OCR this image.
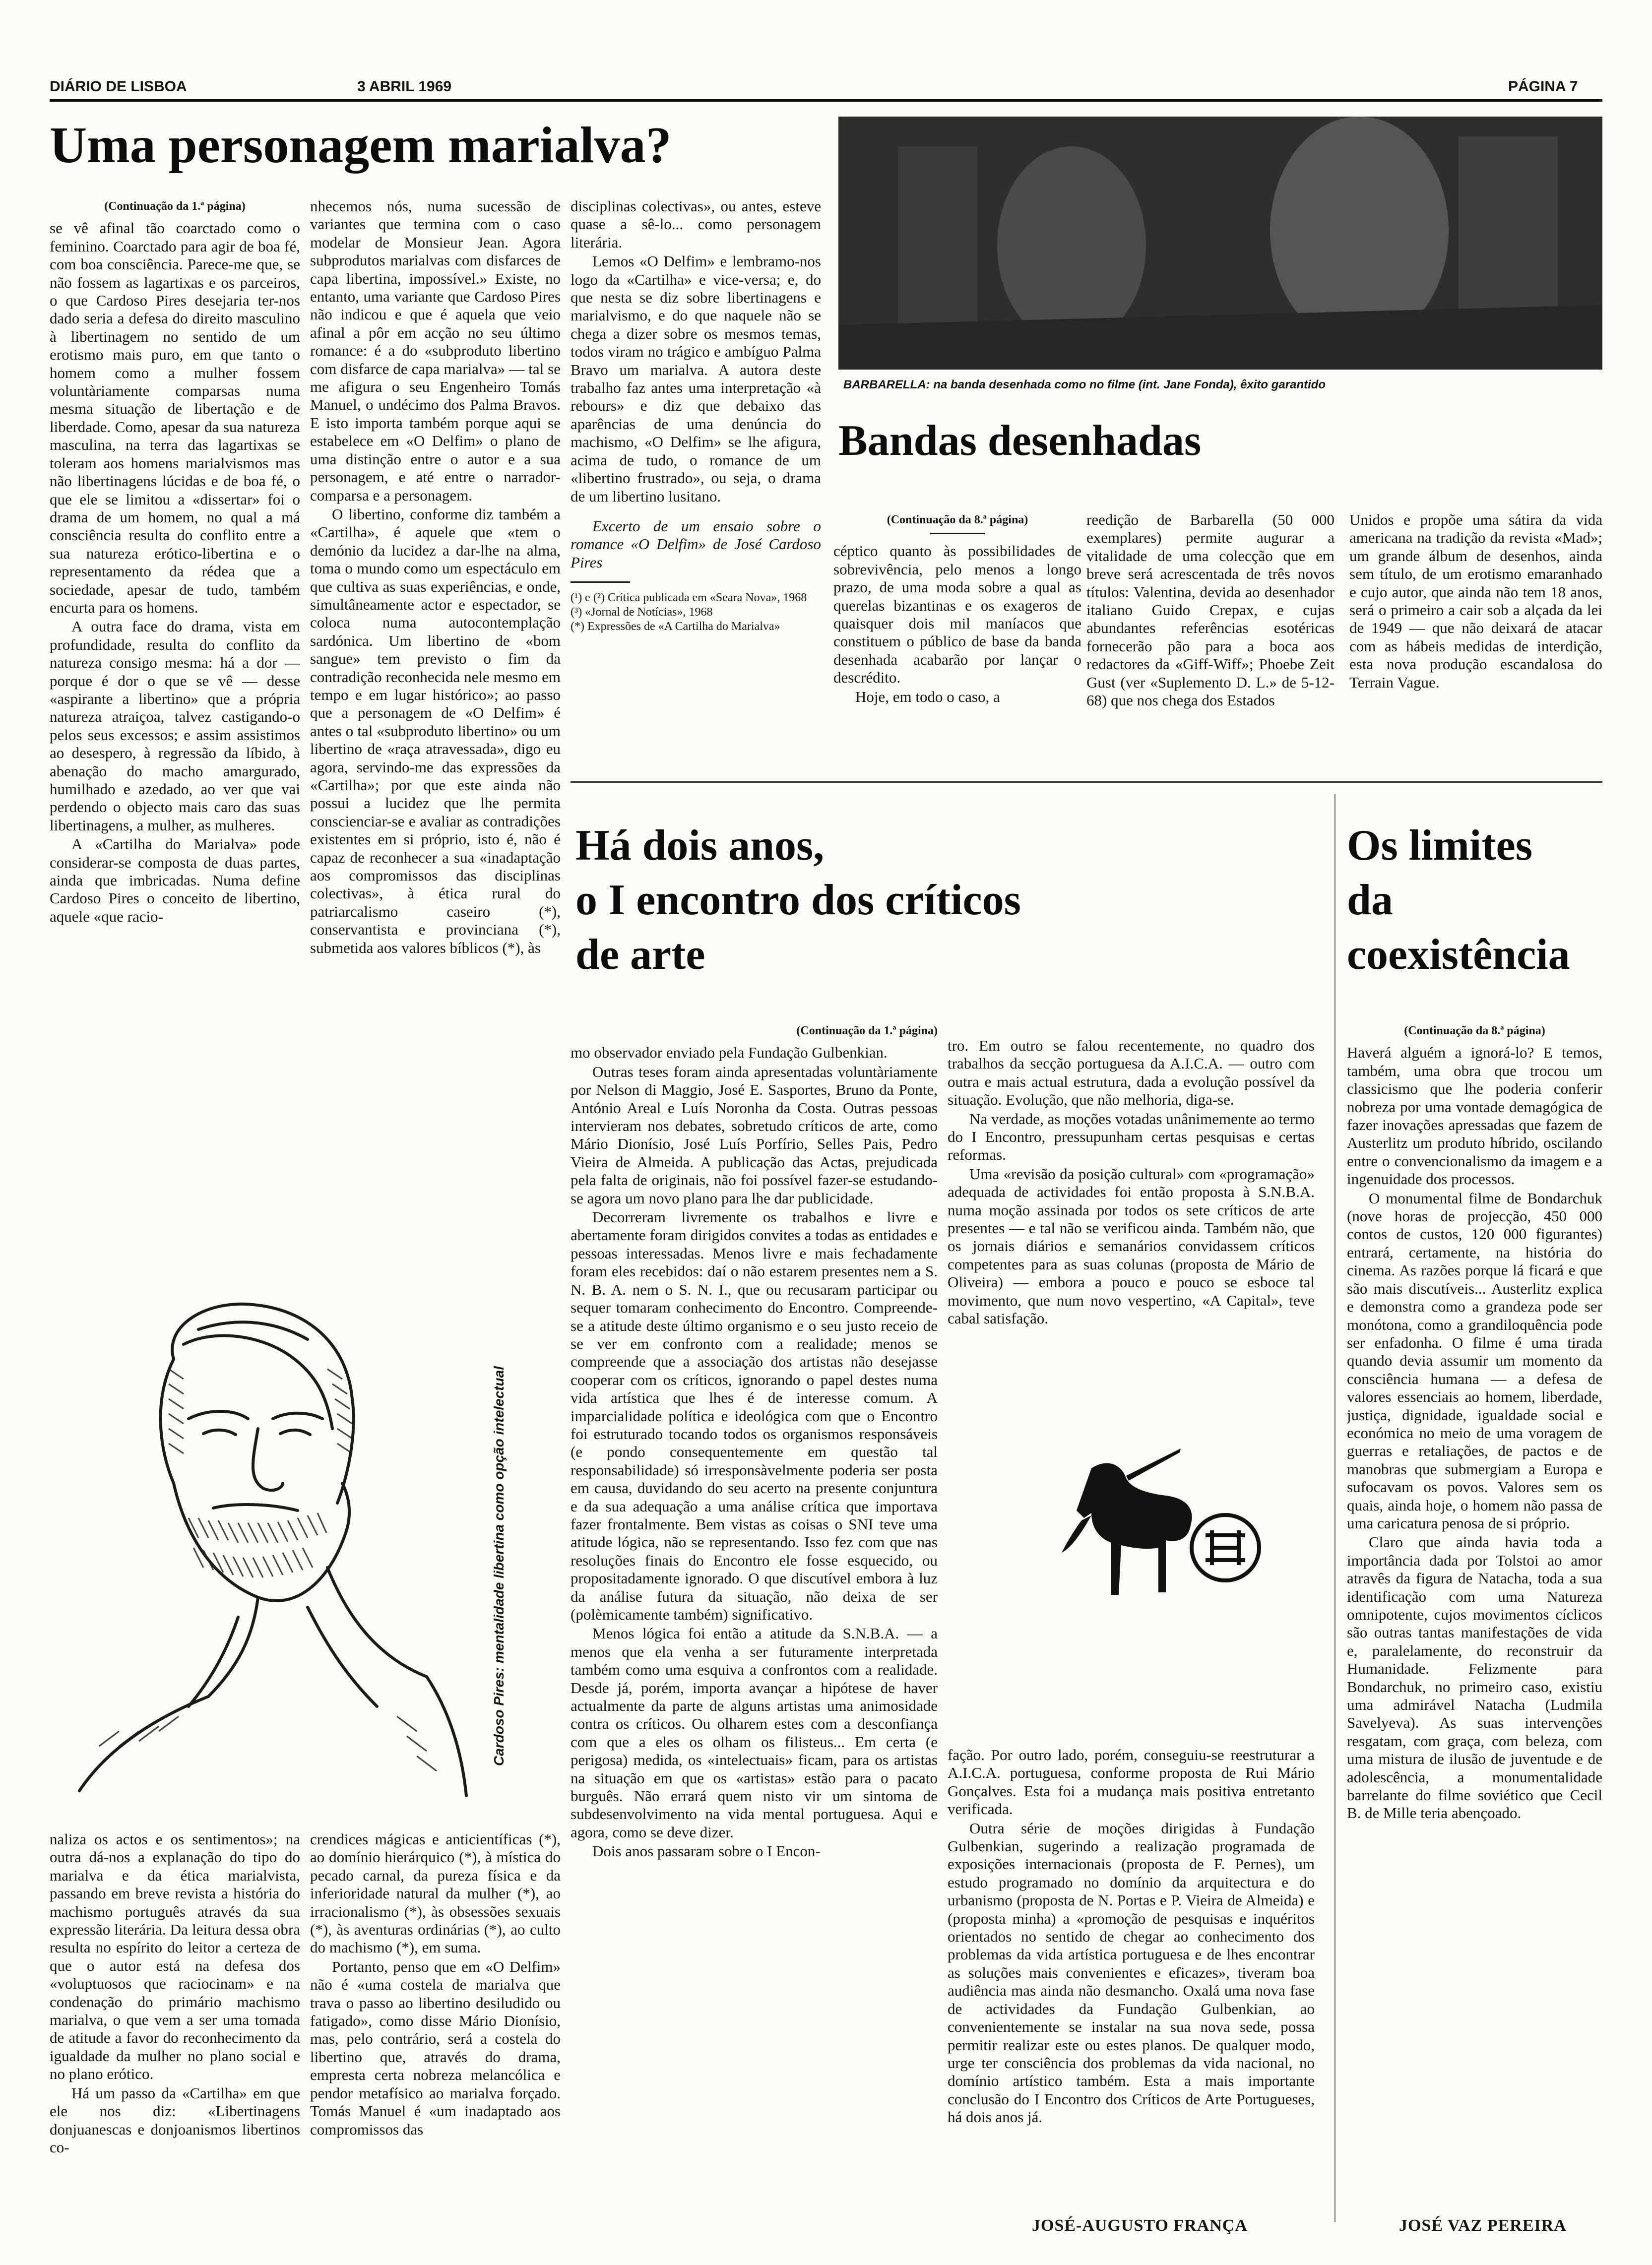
DIÁRIO DE LISBOA	3 ABRIL 1969	PÁGINA 7
Uma personagem marialva?
(Continuação da 1.ª página)

se vê afinal tão coarctado como o feminino. Coarctado para agir de boa fé, com boa consciência. Parece-me que, se não fossem as lagartixas e os parceiros, o que Cardoso Pires desejaria ter-nos dado seria a defesa do direito masculino à libertinagem no sentido de um erotismo mais puro, em que tanto o homem como a mulher fossem voluntàriamente comparsas numa mesma situação de libertação e de liberdade. Como, apesar da sua natureza masculina, na terra das lagartixas se toleram aos homens marialvismos mas não libertinagens lúcidas e de boa fé, o que ele se limitou a «dissertar» foi o drama de um homem, no qual a má consciência resulta do conflito entre a sua natureza erótico-libertina e o representamento da rédea que a sociedade, apesar de tudo, também encurta para os homens.

A outra face do drama, vista em profundidade, resulta do conflito da natureza consigo mesma: há a dor — porque é dor o que se vê — desse «aspirante a libertino» que a própria natureza atraiçoa, talvez castigando-o pelos seus excessos; e assim assistimos ao desespero, à regressão da líbido, à abenação do macho amargurado, humilhado e azedado, ao ver que vai perdendo o objecto mais caro das suas libertinagens, a mulher, as mulheres.

A «Cartilha do Marialva» pode considerar-se composta de duas partes, ainda que imbricadas. Numa define Cardoso Pires o conceito de libertino, aquele «que racio-

nhecemos nós, numa sucessão de variantes que termina com o caso modelar de Monsieur Jean. Agora subprodutos marialvas com disfarces de capa libertina, impossível.» Existe, no entanto, uma variante que Cardoso Pires não indicou e que é aquela que veio afinal a pôr em acção no seu último romance: é a do «subproduto libertino com disfarce de capa marialva» — tal se me afigura o seu Engenheiro Tomás Manuel, o undécimo dos Palma Bravos. E isto importa também porque aqui se estabelece em «O Delfim» o plano de uma distinção entre o autor e a sua personagem, e até entre o narrador-comparsa e a personagem.

O libertino, conforme diz também a «Cartilha», é aquele que «tem o demónio da lucidez a dar-lhe na alma, toma o mundo como um espectáculo em que cultiva as suas experiências, e onde, simultâneamente actor e espectador, se coloca numa autocontemplação sardónica. Um libertino de «bom sangue» tem previsto o fim da contradição reconhecida nele mesmo em tempo e em lugar histórico»; ao passo que a personagem de «O Delfim» é antes o tal «subproduto libertino» ou um libertino de «raça atravessada», digo eu agora, servindo-me das expressões da «Cartilha»; por que este ainda não possui a lucidez que lhe permita conscienciar-se e avaliar as contradições existentes em si próprio, isto é, não é capaz de reconhecer a sua «inadaptação aos compromissos das disciplinas colectivas», à ética rural do patriarcalismo caseiro (*), conservantista e provinciana (*), submetida aos valores bíblicos (*), às

disciplinas colectivas», ou antes, esteve quase a sê-lo... como personagem literária.

Lemos «O Delfim» e lembramo-nos logo da «Cartilha» e vice-versa; e, do que nesta se diz sobre libertinagens e marialvismo, e do que naquele não se chega a dizer sobre os mesmos temas, todos viram no trágico e ambíguo Palma Bravo um marialva. A autora deste trabalho faz antes uma interpretação «à rebours» e diz que debaixo das aparências de uma denúncia do machismo, «O Delfim» se lhe afigura, acima de tudo, o romance de um «libertino frustrado», ou seja, o drama de um libertino lusitano.

Excerto de um ensaio sobre o romance «O Delfim» de José Cardoso Pires

(¹) e (²) Crítica publicada em «Seara Nova», 1968
(³) «Jornal de Notícias», 1968
(*) Expressões de «A Cartilha do Marialva»
Cardoso Pires: mentalidade libertina como opção intelectual

naliza os actos e os sentimentos»; na outra dá-nos a explanação do tipo do marialva e da ética marialvista, passando em breve revista a história do machismo português através da sua expressão literária. Da leitura dessa obra resulta no espírito do leitor a certeza de que o autor está na defesa dos «voluptuosos que raciocinam» e na condenação do primário machismo marialva, o que vem a ser uma tomada de atitude a favor do reconhecimento da igualdade da mulher no plano social e no plano erótico.

Há um passo da «Cartilha» em que ele nos diz: «Libertinagens donjuanescas e donjoanismos libertinos co-

crendices mágicas e anticientíficas (*), ao domínio hierárquico (*), à mística do pecado carnal, da pureza física e da inferioridade natural da mulher (*), ao irracionalismo (*), às obsessões sexuais (*), às aventuras ordinárias (*), ao culto do machismo (*), em suma.

Portanto, penso que em «O Delfim» não é «uma costela de marialva que trava o passo ao libertino desiludido ou fatigado», como disse Mário Dionísio, mas, pelo contrário, será a costela do libertino que, através do drama, empresta certa nobreza melancólica e pendor metafísico ao marialva forçado. Tomás Manuel é «um inadaptado aos compromissos das

BARBARELLA: na banda desenhada como no filme (int. Jane Fonda), êxito garantido
Bandas desenhadas
(Continuação da 8.ª página)

céptico quanto às possibilidades de sobrevivência, pelo menos a longo prazo, de uma moda sobre a qual as querelas bizantinas e os exageros de quaisquer dois mil maníacos que constituem o público de base da banda desenhada acabarão por lançar o descrédito.

Hoje, em todo o caso, a

reedição de Barbarella (50 000 exemplares) permite augurar a vitalidade de uma colecção que em breve será acrescentada de três novos títulos: Valentina, devida ao desenhador italiano Guido Crepax, e cujas abundantes referências esotéricas fornecerão pão para a boca aos redactores da «Giff-Wiff»; Phoebe Zeit Gust (ver «Suplemento D. L.» de 5-12-68) que nos chega dos Estados

Unidos e propõe uma sátira da vida americana na tradição da revista «Mad»; um grande álbum de desenhos, ainda sem título, de um erotismo emaranhado e cujo autor, que ainda não tem 18 anos, será o primeiro a cair sob a alçada da lei de 1949 — que não deixará de atacar com as hábeis medidas de interdição, esta nova produção escandalosa do Terrain Vague.

Há dois anos,
o I encontro dos críticos
de arte
(Continuação da 1.ª página)

mo observador enviado pela Fundação Gulbenkian.

Outras teses foram ainda apresentadas voluntàriamente por Nelson di Maggio, José E. Sasportes, Bruno da Ponte, António Areal e Luís Noronha da Costa. Outras pessoas intervieram nos debates, sobretudo críticos de arte, como Mário Dionísio, José Luís Porfírio, Selles Pais, Pedro Vieira de Almeida. A publicação das Actas, prejudicada pela falta de originais, não foi possível fazer-se estudando-se agora um novo plano para lhe dar publicidade.

Decorreram livremente os trabalhos e livre e abertamente foram dirigidos convites a todas as entidades e pessoas interessadas. Menos livre e mais fechadamente foram eles recebidos: daí o não estarem presentes nem a S. N. B. A. nem o S. N. I., que ou recusaram participar ou sequer tomaram conhecimento do Encontro. Compreende-se a atitude deste último organismo e o seu justo receio de se ver em confronto com a realidade; menos se compreende que a associação dos artistas não desejasse cooperar com os críticos, ignorando o papel destes numa vida artística que lhes é de interesse comum. A imparcialidade política e ideológica com que o Encontro foi estruturado tocando todos os organismos responsáveis (e pondo consequentemente em questão tal responsabilidade) só irresponsàvelmente poderia ser posta em causa, duvidando do seu acerto na presente conjuntura e da sua adequação a uma análise crítica que importava fazer frontalmente. Bem vistas as coisas o SNI teve uma atitude lógica, não se representando. Isso fez com que nas resoluções finais do Encontro ele fosse esquecido, ou propositadamente ignorado. O que discutível embora à luz da análise futura da situação, não deixa de ser (polèmicamente também) significativo.

Menos lógica foi então a atitude da S.N.B.A. — a menos que ela venha a ser futuramente interpretada também como uma esquiva a confrontos com a realidade. Desde já, porém, importa avançar a hipótese de haver actualmente da parte de alguns artistas uma animosidade contra os críticos. Ou olharem estes com a desconfiança com que a eles os olham os filisteus... Em certa (e perigosa) medida, os «intelectuais» ficam, para os artistas na situação em que os «artistas» estão para o pacato burguês. Não errará quem nisto vir um sintoma de subdesenvolvimento na vida mental portuguesa. Aqui e agora, como se deve dizer.

Dois anos passaram sobre o I Encon-

tro. Em outro se falou recentemente, no quadro dos trabalhos da secção portuguesa da A.I.C.A. — outro com outra e mais actual estrutura, dada a evolução possível da situação. Evolução, que não melhoria, diga-se.

Na verdade, as moções votadas unânimemente ao termo do I Encontro, pressupunham certas pesquisas e certas reformas.

Uma «revisão da posição cultural» com «programação» adequada de actividades foi então proposta à S.N.B.A. numa moção assinada por todos os sete críticos de arte presentes — e tal não se verificou ainda. Também não, que os jornais diários e semanários convidassem críticos competentes para as suas colunas (proposta de Mário de Oliveira) — embora a pouco e pouco se esboce tal movimento, que num novo vespertino, «A Capital», teve cabal satisfação.

fação. Por outro lado, porém, conseguiu-se reestruturar a A.I.C.A. portuguesa, conforme proposta de Rui Mário Gonçalves. Esta foi a mudança mais positiva entretanto verificada.

Outra série de moções dirigidas à Fundação Gulbenkian, sugerindo a realização programada de exposições internacionais (proposta de F. Pernes), um estudo programado no domínio da arquitectura e do urbanismo (proposta de N. Portas e P. Vieira de Almeida) e (proposta minha) a «promoção de pesquisas e inquéritos orientados no sentido de chegar ao conhecimento dos problemas da vida artística portuguesa e de lhes encontrar as soluções mais convenientes e eficazes», tiveram boa audiência mas ainda não desmancho. Oxalá uma nova fase de actividades da Fundação Gulbenkian, ao convenientemente se instalar na sua nova sede, possa permitir realizar este ou estes planos. De qualquer modo, urge ter consciência dos problemas da vida nacional, no domínio artístico também. Esta a mais importante conclusão do I Encontro dos Críticos de Arte Portugueses, há dois anos já.

JOSÉ-AUGUSTO FRANÇA
Os limites
da
coexistência
(Continuação da 8.ª página)

Haverá alguém a ignorá-lo? E temos, também, uma obra que trocou um classicismo que lhe poderia conferir nobreza por uma vontade demagógica de fazer inovações apressadas que fazem de Austerlitz um produto híbrido, oscilando entre o convencionalismo da imagem e a ingenuidade dos processos.

O monumental filme de Bondarchuk (nove horas de projecção, 450 000 contos de custos, 120 000 figurantes) entrará, certamente, na história do cinema. As razões porque lá ficará e que são mais discutíveis... Austerlitz explica e demonstra como a grandeza pode ser monótona, como a grandiloquência pode ser enfadonha. O filme é uma tirada quando devia assumir um momento da consciência humana — a defesa de valores essenciais ao homem, liberdade, justiça, dignidade, igualdade social e económica no meio de uma voragem de guerras e retaliações, de pactos e de manobras que submergiam a Europa e sufocavam os povos. Valores sem os quais, ainda hoje, o homem não passa de uma caricatura penosa de si próprio.

Claro que ainda havia toda a importância dada por Tolstoi ao amor atravês da figura de Natacha, toda a sua identificação com uma Natureza omnipotente, cujos movimentos cíclicos são outras tantas manifestações de vida e, paralelamente, do reconstruir da Humanidade. Felizmente para Bondarchuk, no primeiro caso, existiu uma admirável Natacha (Ludmila Savelyeva). As suas intervenções resgatam, com graça, com beleza, com uma mistura de ilusão de juventude e de adolescência, a monumentalidade barrelante do filme soviético que Cecil B. de Mille teria abençoado.

JOSÉ VAZ PEREIRA
